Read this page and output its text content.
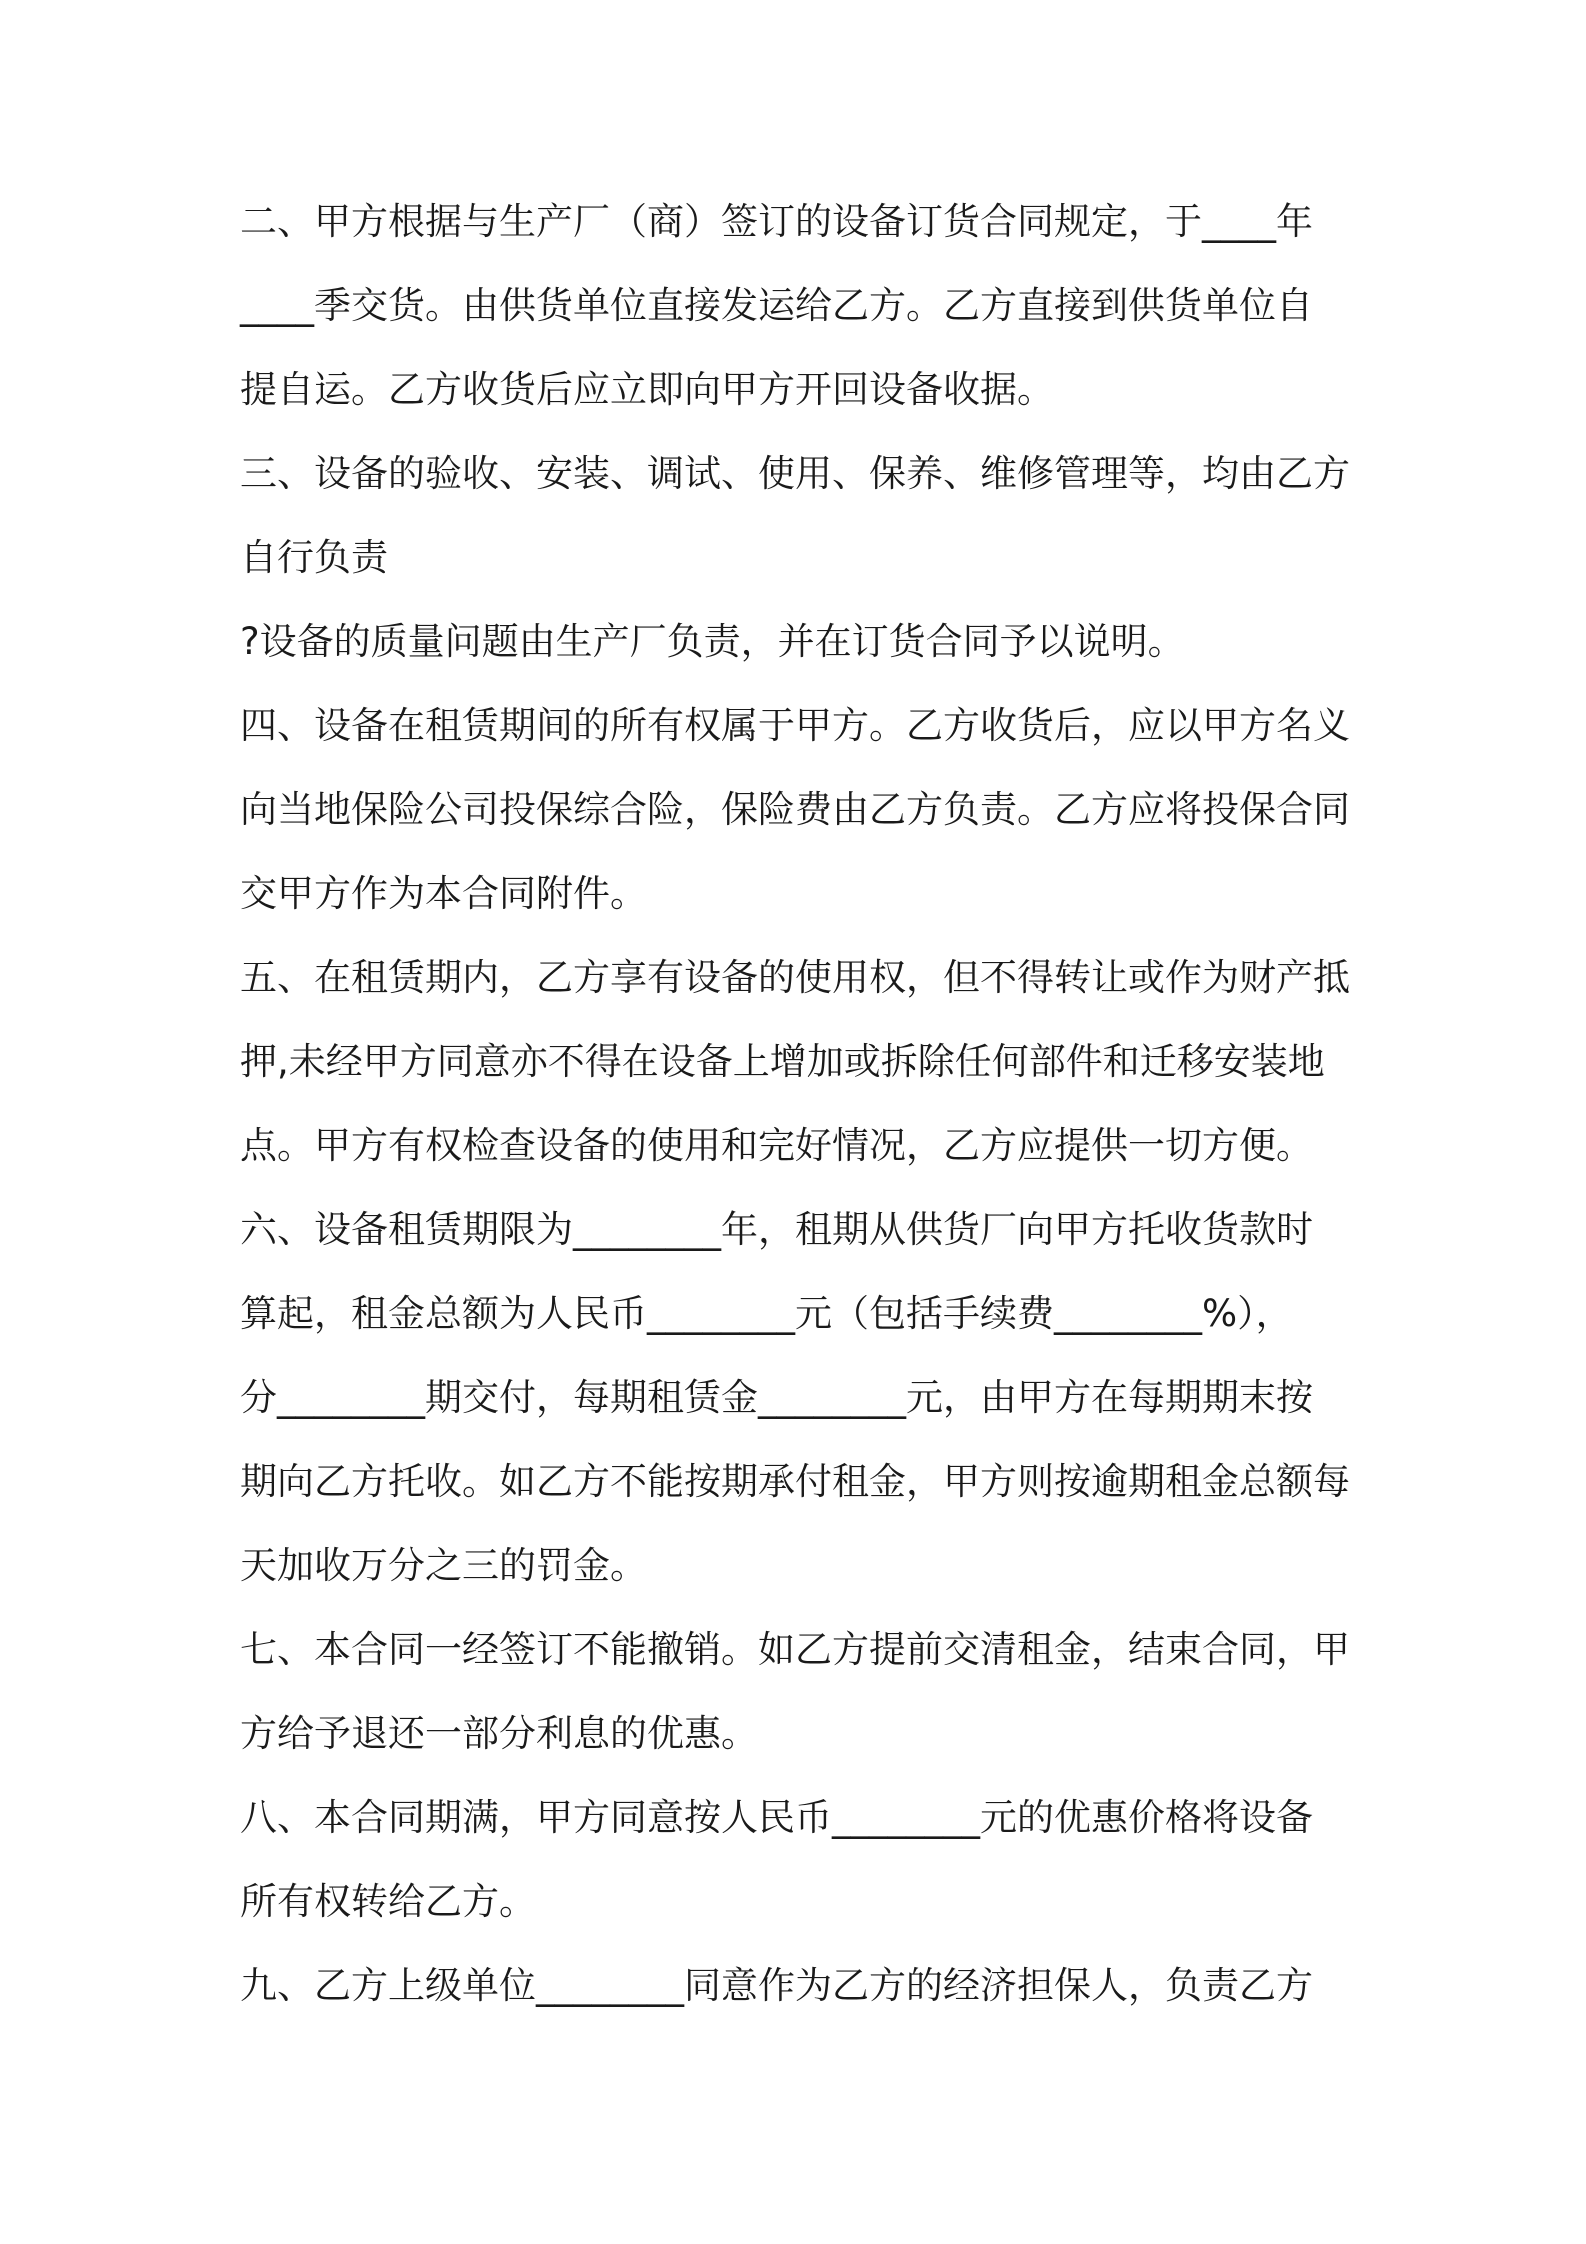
二、甲方根据与生产厂（商）签订的设备订货合同规定，于____年
____季交货。由供货单位直接发运给乙方。乙方直接到供货单位自
提自运。乙方收货后应立即向甲方开回设备收据。
三、设备的验收、安装、调试、使用、保养、维修管理等，均由乙方
自行负责
?设备的质量问题由生产厂负责，并在订货合同予以说明。
四、设备在租赁期间的所有权属于甲方。乙方收货后，应以甲方名义
向当地保险公司投保综合险，保险费由乙方负责。乙方应将投保合同
交甲方作为本合同附件。
五、在租赁期内，乙方享有设备的使用权，但不得转让或作为财产抵
押,未经甲方同意亦不得在设备上增加或拆除任何部件和迁移安装地
点。甲方有权检查设备的使用和完好情况，乙方应提供一切方便。
六、设备租赁期限为________年，租期从供货厂向甲方托收货款时
算起，租金总额为人民币________元（包括手续费________%），
分________期交付，每期租赁金________元，由甲方在每期期末按
期向乙方托收。如乙方不能按期承付租金，甲方则按逾期租金总额每
天加收万分之三的罚金。
七、本合同一经签订不能撤销。如乙方提前交清租金，结束合同，甲
方给予退还一部分利息的优惠。
八、本合同期满，甲方同意按人民币________元的优惠价格将设备
所有权转给乙方。
九、乙方上级单位________同意作为乙方的经济担保人，负责乙方
